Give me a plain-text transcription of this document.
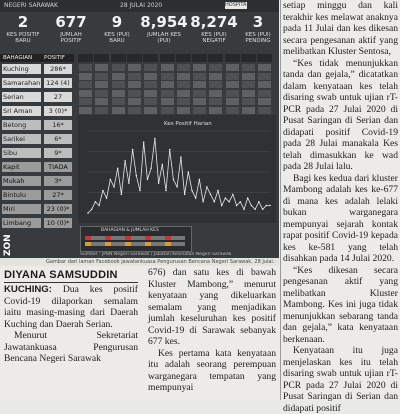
NEGERI SARAWAK	28 JULAI 2020	HOSPITAL
2
KES POSITIF BARU
677
JUMLAH POSITIF
9
KES (PUI) BARU
8,954
JUMLAH KES (PUI)
8,274
KES (PUI) NEGATIF
3
KES (PUI) PENDING
BAHAGIAN POSITIF
Kuching	286*
Samarahan 124 (4)
Serian	27
Sri Aman	3 (0)*
Betong	16*
Sarikei	6*
Sibu	9*
Kapit	TIADA
Mukah	3*
Bintulu	27*
Miri	23 (0)*
Limbang	10 (0)*
Kes Positif Harian
ZON
BAHAGIAN & JUMLAH KES
Sumber : JPBN Negeri Sarawak / Jabatan Kesihatan Negeri Sarawak
Gambar dari laman Facebook Jawatankuasa Pengurusan Bencana Negeri Sarawak, 28 Julai.
DIYANA SAMSUDDIN

KUCHING: Dua kes positif Covid-19 dilaporkan semalam iaitu masing-masing dari Daerah Kuching dan Daerah Serian.

Menurut Sekretariat Jawatankuasa Pengurusan Bencana Negeri Sarawak

676) dan satu kes di bawah Kluster Mambong,” menurut kenyataan yang dikeluarkan semalam yang menjadikan jumlah keseluruhan kes positif Covid-19 di Sarawak sebanyak 677 kes.

Kes pertama kata kenyataan itu adalah seorang perempuan warganegara tempatan yang mempunyai

setiap minggu dan kali terakhir kes melawat anaknya pada 11 Julai dan kes dikesan secara pengesanan aktif yang melibatkan Kluster Sentosa,

“Kes tidak menunjukkan tanda dan gejala,” dicatatkan dalam kenyataan kes telah disaring swab untuk ujian rT-PCR pada 27 Julai 2020 di Pusat Saringan di Serian dan didapati positif Covid-19 pada 28 Julai manakala Kes telah dimasukkan ke wad pada 28 Julai lalu.

Bagi kes kedua dari kluster Mambong adalah kes ke-677 di mana kes adalah lelaki bukan warganegara mempunyai sejarah kontak rapat positif Covid-19 kepada kes ke-581 yang telah disahkan pada 14 Julai 2020.

“Kes dikesan secara pengesanan aktif yang melibatkan Kluster Mambong. Kes ini juga tidak menunjukkan sebarang tanda dan gejala,” kata kenyataan berkenaan.

Kenyataan itu juga menjelaskan kes itu telah disaring swab untuk ujian rT-PCR pada 27 Julai 2020 di Pusat Saringan di Serian dan didapati positif
